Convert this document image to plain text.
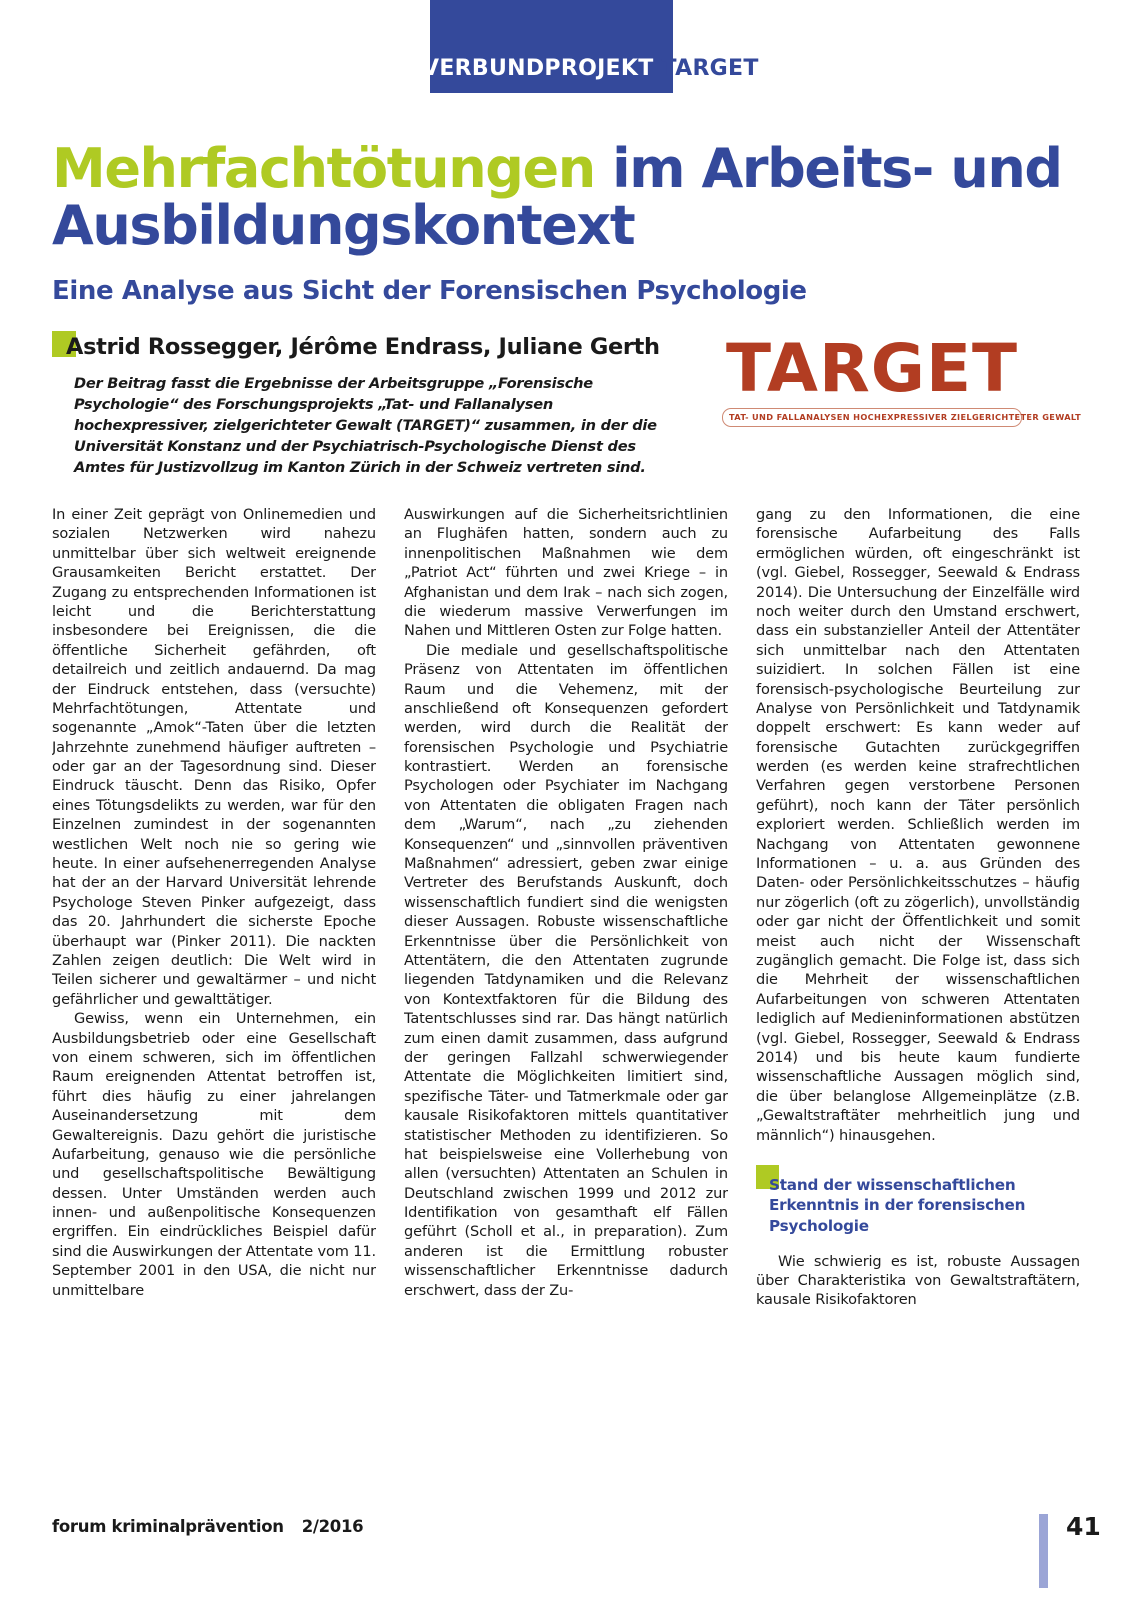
VERBUNDPROJEKT TARGET
Mehrfachtötungen im Arbeits- und Ausbildungskontext
Eine Analyse aus Sicht der Forensischen Psychologie
Astrid Rossegger, Jérôme Endrass, Juliane Gerth
Der Beitrag fasst die Ergebnisse der Arbeitsgruppe „Forensische Psychologie“ des Forschungsprojekts „Tat- und Fallanalysen hochexpressiver, zielgerichteter Gewalt (TARGET)“ zusammen, in der die Universität Konstanz und der Psychiatrisch-Psychologische Dienst des Amtes für Justizvollzug im Kanton Zürich in der Schweiz vertreten sind.
TARGET
TAT- UND FALLANALYSEN HOCHEXPRESSIVER ZIELGERICHTETER GEWALT

In einer Zeit geprägt von Onlinemedien und sozialen Netzwerken wird nahezu unmittelbar über sich weltweit ereignende Grausamkeiten Bericht erstattet. Der Zugang zu entsprechenden Informationen ist leicht und die Berichterstattung insbesondere bei Ereignissen, die die öffentliche Sicherheit gefährden, oft detailreich und zeitlich andauernd. Da mag der Eindruck entstehen, dass (versuchte) Mehrfachtötungen, Attentate und sogenannte „Amok“-Taten über die letzten Jahrzehnte zunehmend häufiger auftreten – oder gar an der Tagesordnung sind. Dieser Eindruck täuscht. Denn das Risiko, Opfer eines Tötungsdelikts zu werden, war für den Einzelnen zumindest in der sogenannten westlichen Welt noch nie so gering wie heute. In einer aufsehenerregenden Analyse hat der an der Harvard Universität lehrende Psychologe Steven Pinker aufgezeigt, dass das 20. Jahrhundert die sicherste Epoche überhaupt war (Pinker 2011). Die nackten Zahlen zeigen deutlich: Die Welt wird in Teilen sicherer und gewaltärmer – und nicht gefährlicher und gewalttätiger.

Gewiss, wenn ein Unternehmen, ein Ausbildungsbetrieb oder eine Gesellschaft von einem schweren, sich im öffentlichen Raum ereignenden Attentat betroffen ist, führt dies häufig zu einer jahrelangen Auseinandersetzung mit dem Gewaltereignis. Dazu gehört die juristische Aufarbeitung, genauso wie die persönliche und gesellschaftspolitische Bewältigung dessen. Unter Umständen werden auch innen- und außenpolitische Konsequenzen ergriffen. Ein eindrückliches Beispiel dafür sind die Auswirkungen der Attentate vom 11. September 2001 in den USA, die nicht nur unmittelbare

Auswirkungen auf die Sicherheitsrichtlinien an Flughäfen hatten, sondern auch zu innenpolitischen Maßnahmen wie dem „Patriot Act“ führten und zwei Kriege – in Afghanistan und dem Irak – nach sich zogen, die wiederum massive Verwerfungen im Nahen und Mittleren Osten zur Folge hatten.

Die mediale und gesellschaftspolitische Präsenz von Attentaten im öffentlichen Raum und die Vehemenz, mit der anschließend oft Konsequenzen gefordert werden, wird durch die Realität der forensischen Psychologie und Psychiatrie kontrastiert. Werden an forensische Psychologen oder Psychiater im Nachgang von Attentaten die obligaten Fragen nach dem „Warum“, nach „zu ziehenden Konsequenzen“ und „sinnvollen präventiven Maßnahmen“ adressiert, geben zwar einige Vertreter des Berufstands Auskunft, doch wissenschaftlich fundiert sind die wenigsten dieser Aussagen. Robuste wissenschaftliche Erkenntnisse über die Persönlichkeit von Attentätern, die den Attentaten zugrunde liegenden Tatdynamiken und die Relevanz von Kontextfaktoren für die Bildung des Tatentschlusses sind rar. Das hängt natürlich zum einen damit zusammen, dass aufgrund der geringen Fallzahl schwerwiegender Attentate die Möglichkeiten limitiert sind, spezifische Täter- und Tatmerkmale oder gar kausale Risikofaktoren mittels quantitativer statistischer Methoden zu identifizieren. So hat beispielsweise eine Vollerhebung von allen (versuchten) Attentaten an Schulen in Deutschland zwischen 1999 und 2012 zur Identifikation von gesamthaft elf Fällen geführt (Scholl et al., in preparation). Zum anderen ist die Ermittlung robuster wissenschaftlicher Erkenntnisse dadurch erschwert, dass der Zu-

gang zu den Informationen, die eine forensische Aufarbeitung des Falls ermöglichen würden, oft eingeschränkt ist (vgl. Giebel, Rossegger, Seewald & Endrass 2014). Die Untersuchung der Einzelfälle wird noch weiter durch den Umstand erschwert, dass ein substanzieller Anteil der Attentäter sich unmittelbar nach den Attentaten suizidiert. In solchen Fällen ist eine forensisch-psychologische Beurteilung zur Analyse von Persönlichkeit und Tatdynamik doppelt erschwert: Es kann weder auf forensische Gutachten zurückgegriffen werden (es werden keine strafrechtlichen Verfahren gegen verstorbene Personen geführt), noch kann der Täter persönlich exploriert werden. Schließlich werden im Nachgang von Attentaten gewonnene Informationen – u. a. aus Gründen des Daten- oder Persönlichkeitsschutzes – häufig nur zögerlich (oft zu zögerlich), unvollständig oder gar nicht der Öffentlichkeit und somit meist auch nicht der Wissenschaft zugänglich gemacht. Die Folge ist, dass sich die Mehrheit der wissenschaftlichen Aufarbeitungen von schweren Attentaten lediglich auf Medieninformationen abstützen (vgl. Giebel, Rossegger, Seewald & Endrass 2014) und bis heute kaum fundierte wissenschaftliche Aussagen möglich sind, die über belanglose Allgemeinplätze (z.B. „Gewaltstraftäter mehrheitlich jung und männlich“) hinausgehen.

Stand der wissenschaftlichen Erkenntnis in der forensischen Psychologie

Wie schwierig es ist, robuste Aussagen über Charakteristika von Gewaltstraftätern, kausale Risikofaktoren

forum kriminalprävention 2/2016	41
